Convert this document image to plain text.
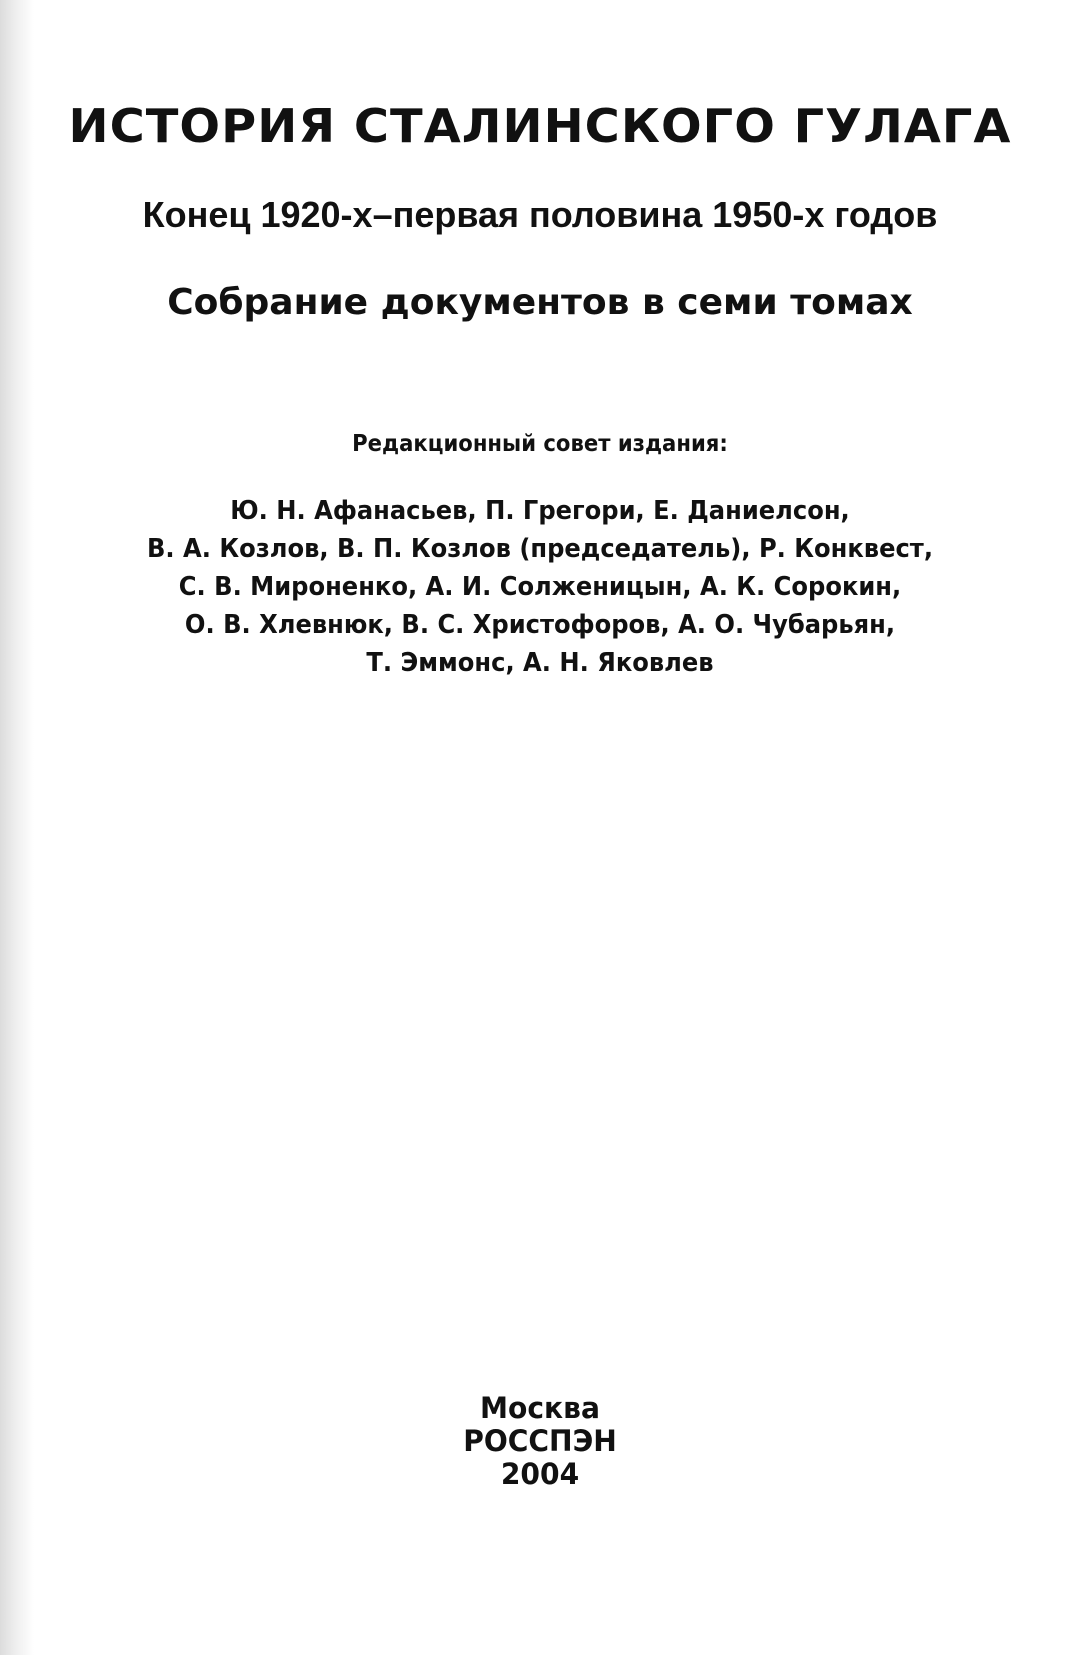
ИСТОРИЯ СТАЛИНСКОГО ГУЛАГА
Конец 1920-х–первая половина 1950-х годов
Собрание документов в семи томах
Редакционный совет издания:
Ю. Н. Афанасьев, П. Грегори, Е. Даниелсон,
В. А. Козлов, В. П. Козлов (председатель), Р. Конквест,
С. В. Мироненко, А. И. Солженицын, А. К. Сорокин,
О. В. Хлевнюк, В. С. Христофоров, А. О. Чубарьян,
Т. Эммонс, А. Н. Яковлев
Москва
РОССПЭН
2004
